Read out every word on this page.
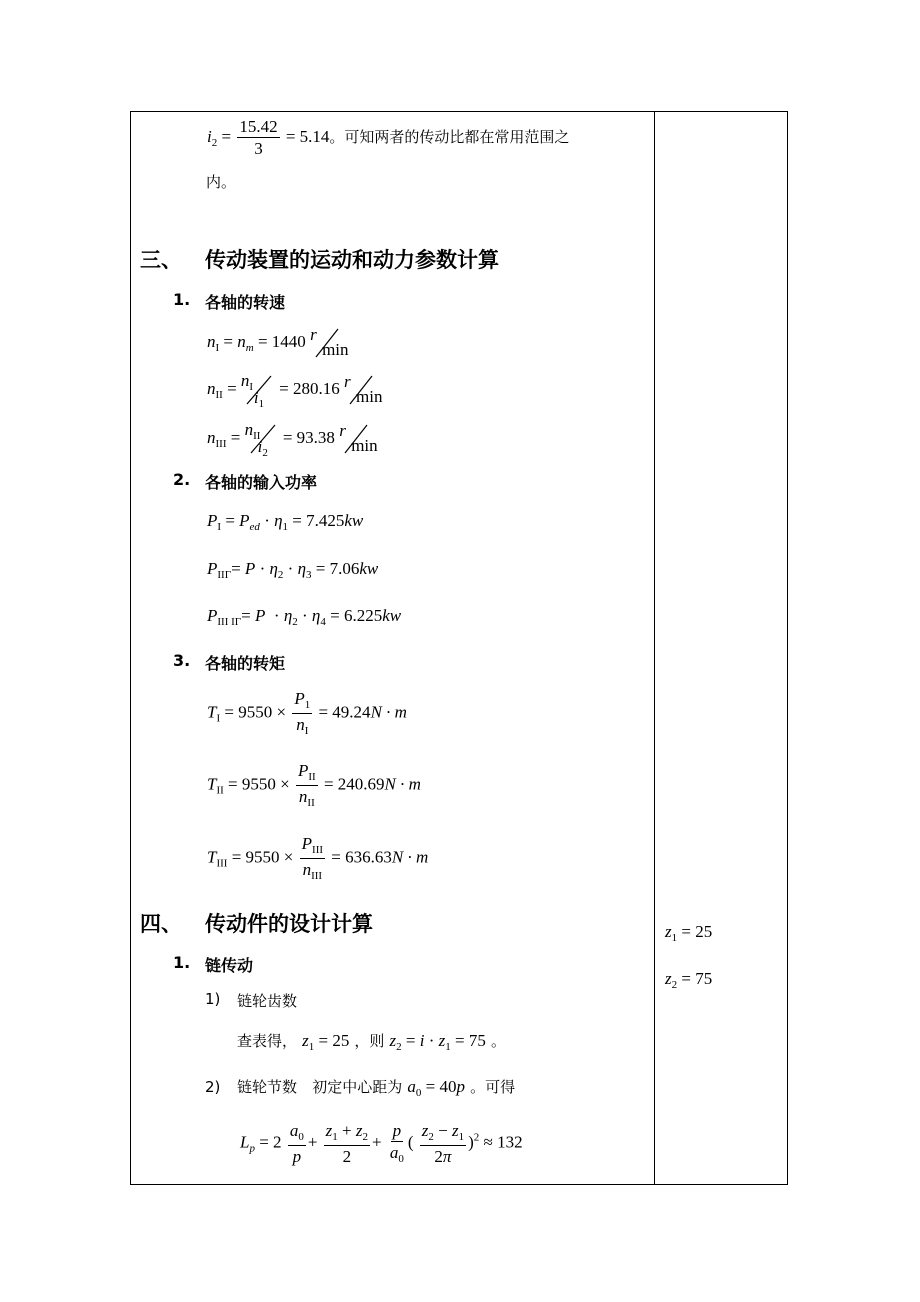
$i_2 = \frac{15.42}{3} = 5.14$。可知两者的传动比都在常用范围之
内。
三、 传动装置的运动和动力参数计算
1. 各轴的转速
$n_I = n_m = 1440$ r
min
$n_{II} = n_I$
$i_1$
= 280.16 r
min
$n_{III} = n_{II}$
$i_2$
= 93.38 r
min
2. 各轴的输入功率
$P_I = P_{ed} \cdot \eta_1 = 7.425kw$
$P_{II\Gamma}= P \cdot \eta_2 \cdot \eta_3 = 7.06kw$
$P_{III I\Gamma}= P \cdot \eta_2 \cdot \eta_4 = 6.225kw$
3. 各轴的转矩
$T_I = 9550 \times \frac{P_1}{n_I} = 49.24N \cdot m$
$T_{II} = 9550 \times \frac{P_{II}}{n_{II}} = 240.69N \cdot m$
$T_{III} = 9550 \times \frac{P_{III}}{n_{III}} = 636.63N \cdot m$
四、 传动件的设计计算
1. 链传动
1) 链轮齿数
查表得， $z_1 = 25$ ，则 $z_2 = i \cdot z_1 = 75$ 。
2) 链轮节数 初定中心距为 $a_0 = 40p$ 。可得
$L_p = 2 \frac{a_0}{p} + \frac{z_1 + z_2}{2} + \frac{p}{a_0}$ ( $\frac{z_2 - z_1}{2\pi} )^2 \approx 132$
$z_1 = 25$
$z_2 = 75$
